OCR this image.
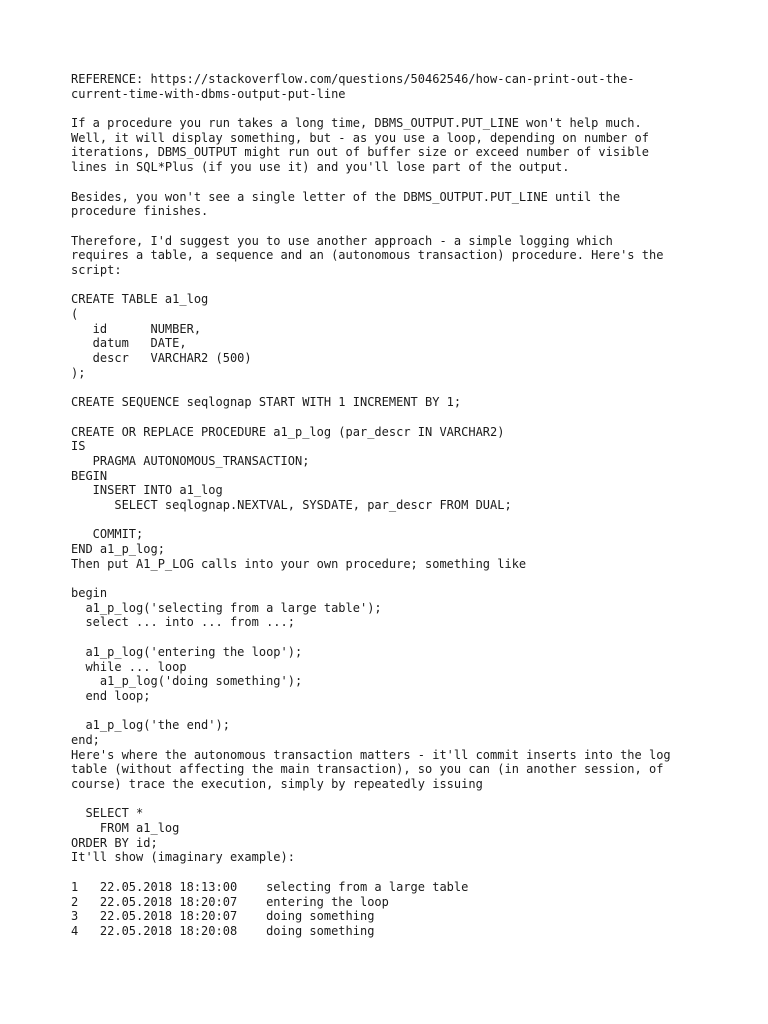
REFERENCE: https://stackoverflow.com/questions/50462546/how-can-print-out-the-
current-time-with-dbms-output-put-line
If a procedure you run takes a long time, DBMS_OUTPUT.PUT_LINE won't help much.
Well, it will display something, but - as you use a loop, depending on number of
iterations, DBMS_OUTPUT might run out of buffer size or exceed number of visible
lines in SQL*Plus (if you use it) and you'll lose part of the output.
Besides, you won't see a single letter of the DBMS_OUTPUT.PUT_LINE until the
procedure finishes.
Therefore, I'd suggest you to use another approach - a simple logging which
requires a table, a sequence and an (autonomous transaction) procedure. Here's the
script:
CREATE TABLE a1_log
(
id      NUMBER,
datum   DATE,
descr   VARCHAR2 (500)
);
CREATE SEQUENCE seqlognap START WITH 1 INCREMENT BY 1;
CREATE OR REPLACE PROCEDURE a1_p_log (par_descr IN VARCHAR2)
IS
PRAGMA AUTONOMOUS_TRANSACTION;
BEGIN
INSERT INTO a1_log
SELECT seqlognap.NEXTVAL, SYSDATE, par_descr FROM DUAL;
COMMIT;
END a1_p_log;
Then put A1_P_LOG calls into your own procedure; something like
begin
a1_p_log('selecting from a large table');
select ... into ... from ...;
a1_p_log('entering the loop');
while ... loop
a1_p_log('doing something');
end loop;
a1_p_log('the end');
end;
Here's where the autonomous transaction matters - it'll commit inserts into the log
table (without affecting the main transaction), so you can (in another session, of
course) trace the execution, simply by repeatedly issuing
SELECT *
FROM a1_log
ORDER BY id;
It'll show (imaginary example):
1   22.05.2018 18:13:00    selecting from a large table
2   22.05.2018 18:20:07    entering the loop
3   22.05.2018 18:20:07    doing something
4   22.05.2018 18:20:08    doing something
